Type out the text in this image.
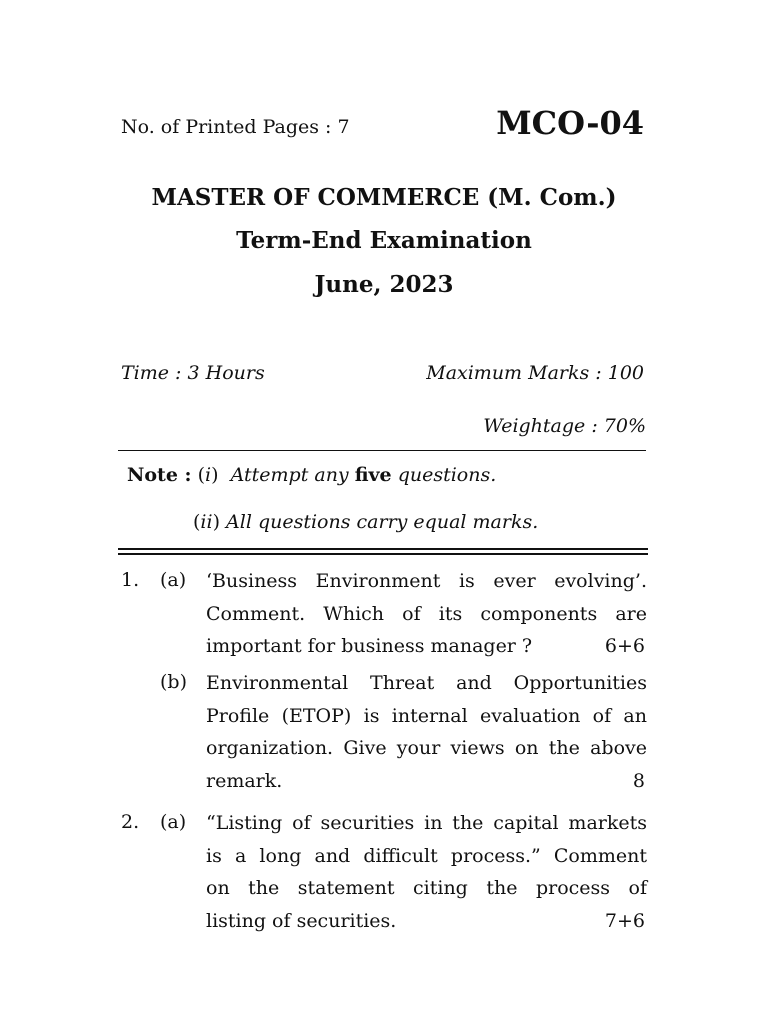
No. of Printed Pages : 7	MCO-04
MASTER OF COMMERCE (M. Com.)
Term-End Examination
June, 2023
Time : 3 Hours	Maximum Marks : 100
Weightage : 70%
Note : (i) Attempt any five questions.
(ii) All questions carry equal marks.
1. (a) ‘Business Environment is ever evolving’.
Comment. Which of its components are
important for business manager ?	6+6
(b) Environmental Threat and Opportunities
Profile (ETOP) is internal evaluation of an
organization. Give your views on the above
remark.	8
2. (a) “Listing of securities in the capital markets
is a long and difficult process.” Comment
on the statement citing the process of
listing of securities.	7+6
